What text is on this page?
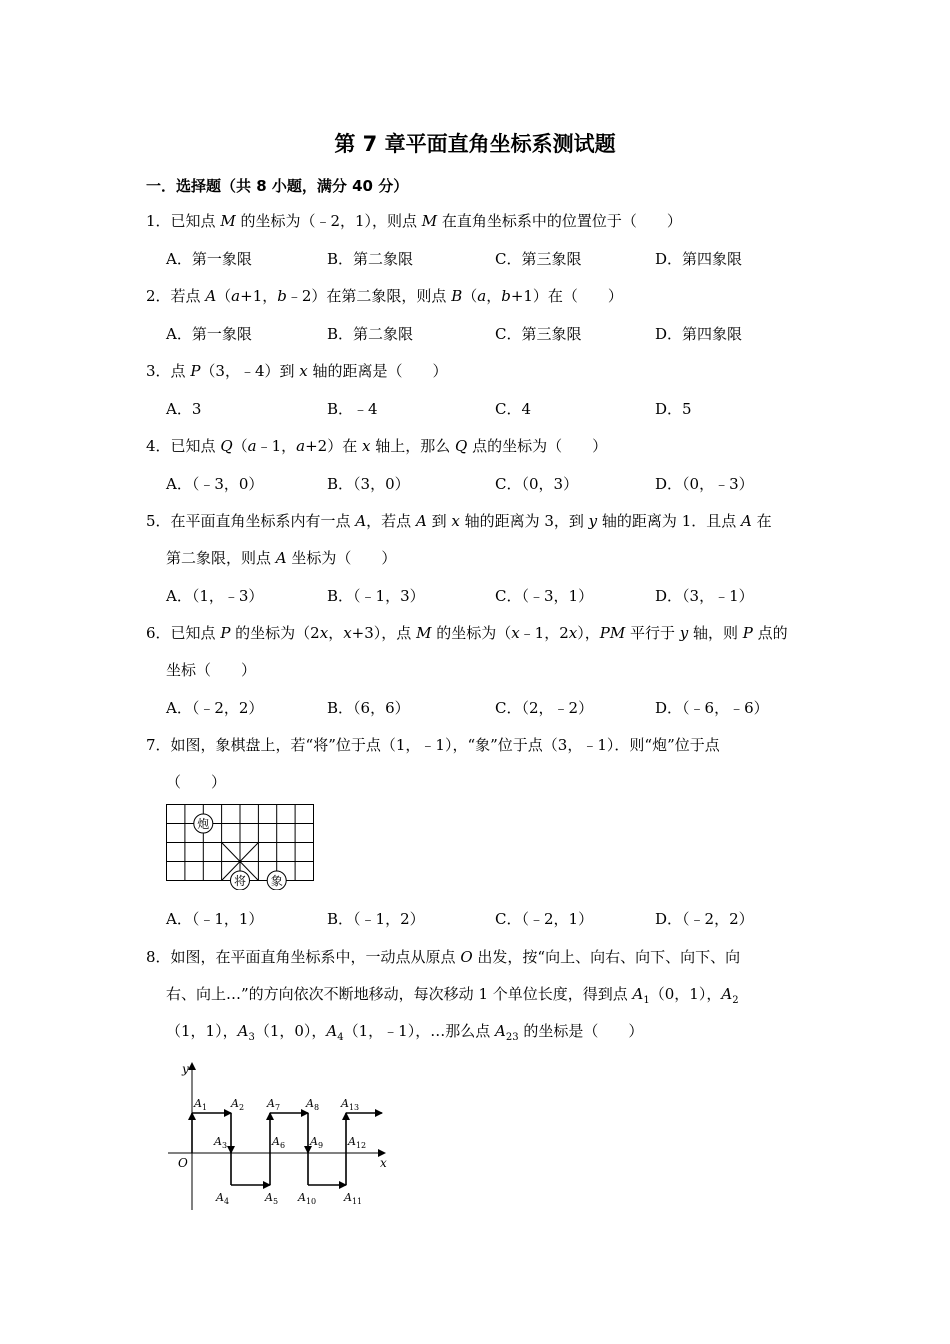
第 7 章平面直角坐标系测试题
一．选择题（共 8 小题，满分 40 分）
1．已知点 M 的坐标为（﹣2，1），则点 M 在直角坐标系中的位置位于（　　）
A．第一象限	B．第二象限	C．第三象限	D．第四象限
2．若点 A（a+1，b﹣2）在第二象限，则点 B（a，b+1）在（　　）
A．第一象限	B．第二象限	C．第三象限	D．第四象限
3．点 P（3，﹣4）到 x 轴的距离是（　　）
A．3	B．﹣4	C．4	D．5
4．已知点 Q（a﹣1，a+2）在 x 轴上，那么 Q 点的坐标为（　　）
A．（﹣3，0）	B．（3，0）	C．（0，3）	D．（0，﹣3）
5．在平面直角坐标系内有一点 A，若点 A 到 x 轴的距离为 3，到 y 轴的距离为 1．且点 A 在
第二象限，则点 A 坐标为（　　）
A．（1，﹣3）	B．（﹣1，3）	C．（﹣3，1）	D．（3，﹣1）
6．已知点 P 的坐标为（2x，x+3），点 M 的坐标为（x﹣1，2x），PM 平行于 y 轴，则 P 点的
坐标（　　）
A．（﹣2，2）	B．（6，6）	C．（2，﹣2）	D．（﹣6，﹣6）
7．如图，象棋盘上，若“将”位于点（1，﹣1），“象”位于点（3，﹣1）．则“炮”位于点
（　　）
炮
将 象
A．（﹣1，1）	B．（﹣1，2）	C．（﹣2，1）	D．（﹣2，2）
8．如图，在平面直角坐标系中，一动点从原点 O 出发，按“向上、向右、向下、向下、向
右、向上…”的方向依次不断地移动，每次移动 1 个单位长度，得到点 $A_1(0$，1），$A_2$
（1，1），$A_3(1$，0），$A_4(1$，﹣1），…那么点 $A_{23}$ 的坐标是（　　）
y
x
O
$A_1$ $A_2$
$A_3$
$A_4$	$A_5$
$A_6$
$A_7$ $A_8$
$A_9$
$A_{10}$	$A_{11}$
$A_{12}$
$A_{13}$
